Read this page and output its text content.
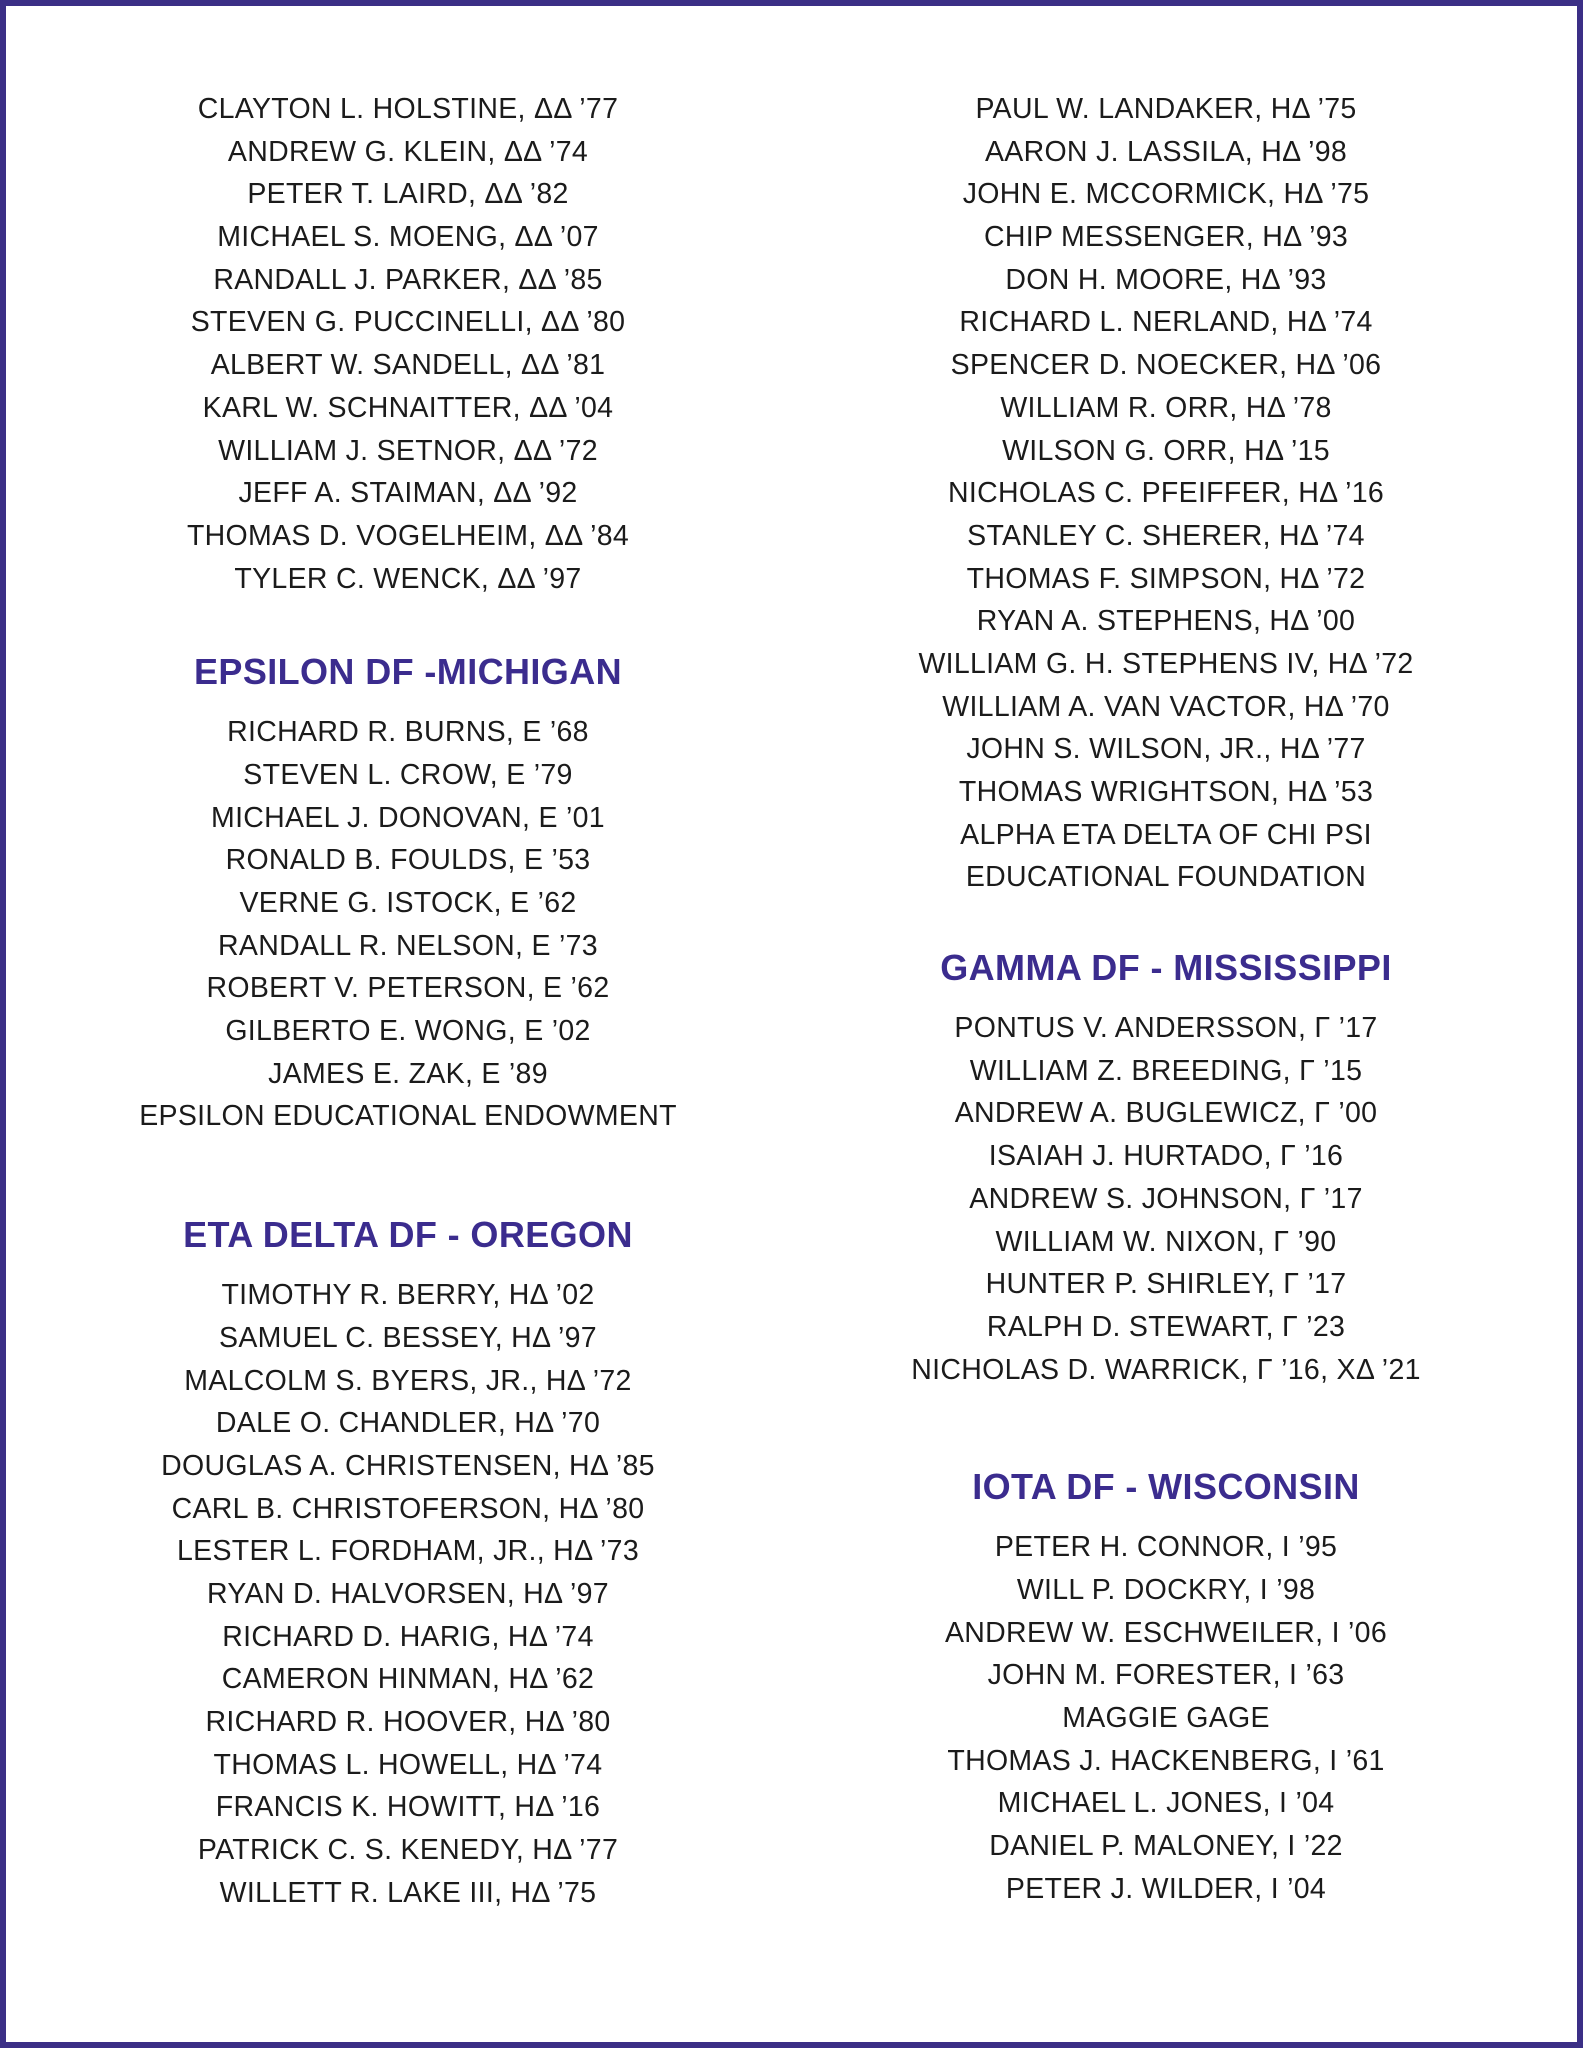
CLAYTON L. HOLSTINE, ΔΔ ’77
ANDREW G. KLEIN, ΔΔ ’74
PETER T. LAIRD, ΔΔ ’82
MICHAEL S. MOENG, ΔΔ ’07
RANDALL J. PARKER, ΔΔ ’85
STEVEN G. PUCCINELLI, ΔΔ ’80
ALBERT W. SANDELL, ΔΔ ’81
KARL W. SCHNAITTER, ΔΔ ’04
WILLIAM J. SETNOR, ΔΔ ’72
JEFF A. STAIMAN, ΔΔ ’92
THOMAS D. VOGELHEIM, ΔΔ ’84
TYLER C. WENCK, ΔΔ ’97
EPSILON DF -MICHIGAN
RICHARD R. BURNS, E ’68
STEVEN L. CROW, E ’79
MICHAEL J. DONOVAN, E ’01
RONALD B. FOULDS, E ’53
VERNE G. ISTOCK, E ’62
RANDALL R. NELSON, E ’73
ROBERT V. PETERSON, E ’62
GILBERTO E. WONG, E ’02
JAMES E. ZAK, E ’89
EPSILON EDUCATIONAL ENDOWMENT
ETA DELTA DF - OREGON
TIMOTHY R. BERRY, HΔ ’02
SAMUEL C. BESSEY, HΔ ’97
MALCOLM S. BYERS, JR., HΔ ’72
DALE O. CHANDLER, HΔ ’70
DOUGLAS A. CHRISTENSEN, HΔ ’85
CARL B. CHRISTOFERSON, HΔ ’80
LESTER L. FORDHAM, JR., HΔ ’73
RYAN D. HALVORSEN, HΔ ’97
RICHARD D. HARIG, HΔ ’74
CAMERON HINMAN, HΔ ’62
RICHARD R. HOOVER, HΔ ’80
THOMAS L. HOWELL, HΔ ’74
FRANCIS K. HOWITT, HΔ ’16
PATRICK C. S. KENEDY, HΔ ’77
WILLETT R. LAKE III, HΔ ’75
PAUL W. LANDAKER, HΔ ’75
AARON J. LASSILA, HΔ ’98
JOHN E. MCCORMICK, HΔ ’75
CHIP MESSENGER, HΔ ’93
DON H. MOORE, HΔ ’93
RICHARD L. NERLAND, HΔ ’74
SPENCER D. NOECKER, HΔ ’06
WILLIAM R. ORR, HΔ ’78
WILSON G. ORR, HΔ ’15
NICHOLAS C. PFEIFFER, HΔ ’16
STANLEY C. SHERER, HΔ ’74
THOMAS F. SIMPSON, HΔ ’72
RYAN A. STEPHENS, HΔ ’00
WILLIAM G. H. STEPHENS IV, HΔ ’72
WILLIAM A. VAN VACTOR, HΔ ’70
JOHN S. WILSON, JR., HΔ ’77
THOMAS WRIGHTSON, HΔ ’53
ALPHA ETA DELTA OF CHI PSI
EDUCATIONAL FOUNDATION
GAMMA DF - MISSISSIPPI
PONTUS V. ANDERSSON, Γ ’17
WILLIAM Z. BREEDING, Γ ’15
ANDREW A. BUGLEWICZ, Γ ’00
ISAIAH J. HURTADO, Γ ’16
ANDREW S. JOHNSON, Γ ’17
WILLIAM W. NIXON, Γ ’90
HUNTER P. SHIRLEY, Γ ’17
RALPH D. STEWART, Γ ’23
NICHOLAS D. WARRICK, Γ ’16, XΔ ’21
IOTA DF - WISCONSIN
PETER H. CONNOR, I ’95
WILL P. DOCKRY, I ’98
ANDREW W. ESCHWEILER, I ’06
JOHN M. FORESTER, I ’63
MAGGIE GAGE
THOMAS J. HACKENBERG, I ’61
MICHAEL L. JONES, I ’04
DANIEL P. MALONEY, I ’22
PETER J. WILDER, I ’04
